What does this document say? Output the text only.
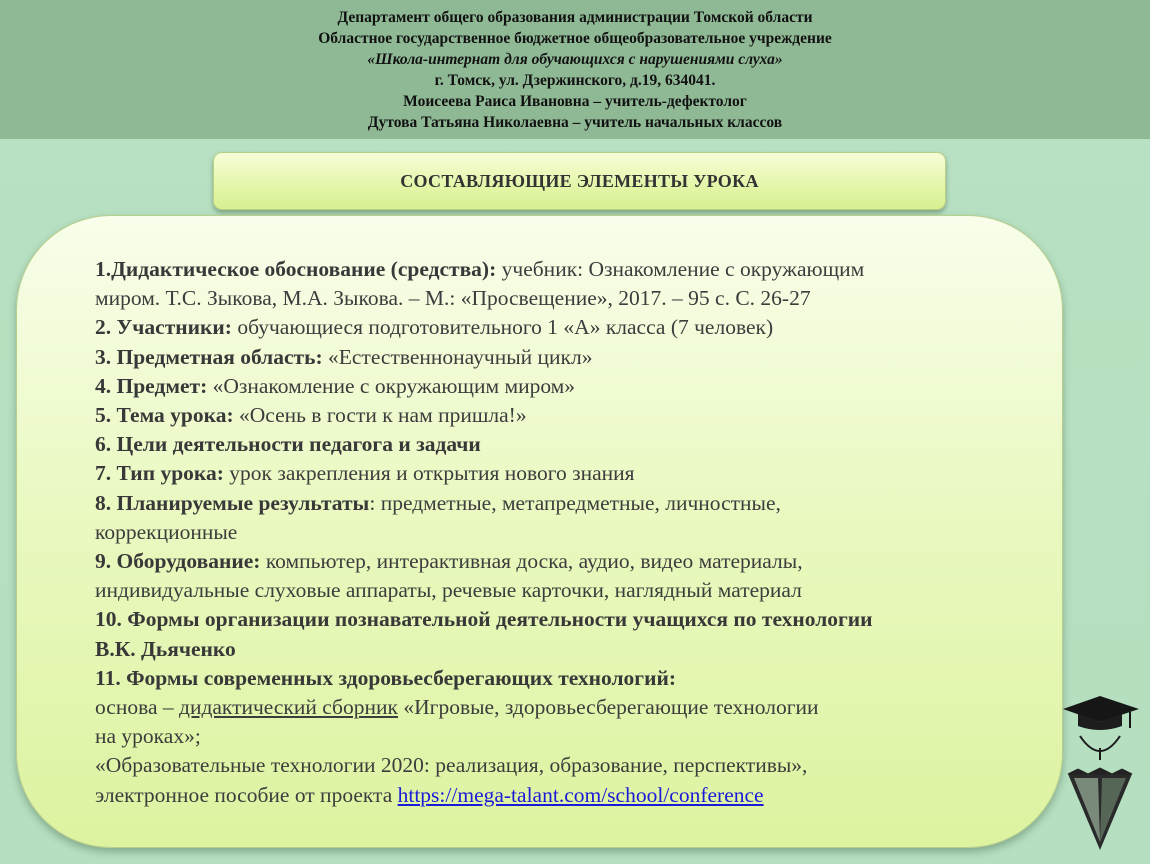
Департамент общего образования администрации Томской области
Областное государственное бюджетное общеобразовательное учреждение
«Школа-интернат для обучающихся с нарушениями слуха»
г. Томск, ул. Дзержинского, д.19, 634041.
Моисеева Раиса Ивановна – учитель-дефектолог
Дутова Татьяна Николаевна – учитель начальных классов
СОСТАВЛЯЮЩИЕ ЭЛЕМЕНТЫ УРОКА
1.Дидактическое обоснование (средства): учебник: Ознакомление с окружающим
миром. Т.С. Зыкова, М.А. Зыкова. – М.: «Просвещение», 2017. – 95 с. С. 26-27
2. Участники: обучающиеся подготовительного 1 «А» класса (7 человек)
3. Предметная область: «Естественнонаучный цикл»
4. Предмет: «Ознакомление с окружающим миром»
5. Тема урока: «Осень в гости к нам пришла!»
6. Цели деятельности педагога и задачи
7. Тип урока: урок закрепления и открытия нового знания
8. Планируемые результаты: предметные, метапредметные, личностные,
коррекционные
9. Оборудование: компьютер, интерактивная доска, аудио, видео материалы,
индивидуальные слуховые аппараты, речевые карточки, наглядный материал
10. Формы организации познавательной деятельности учащихся по технологии
В.К. Дьяченко
11. Формы современных здоровьесберегающих технологий:
основа – дидактический сборник «Игровые, здоровьесберегающие технологии
на уроках»;
«Образовательные технологии 2020: реализация, образование, перспективы»,
электронное пособие от проекта https://mega-talant.com/school/conference
